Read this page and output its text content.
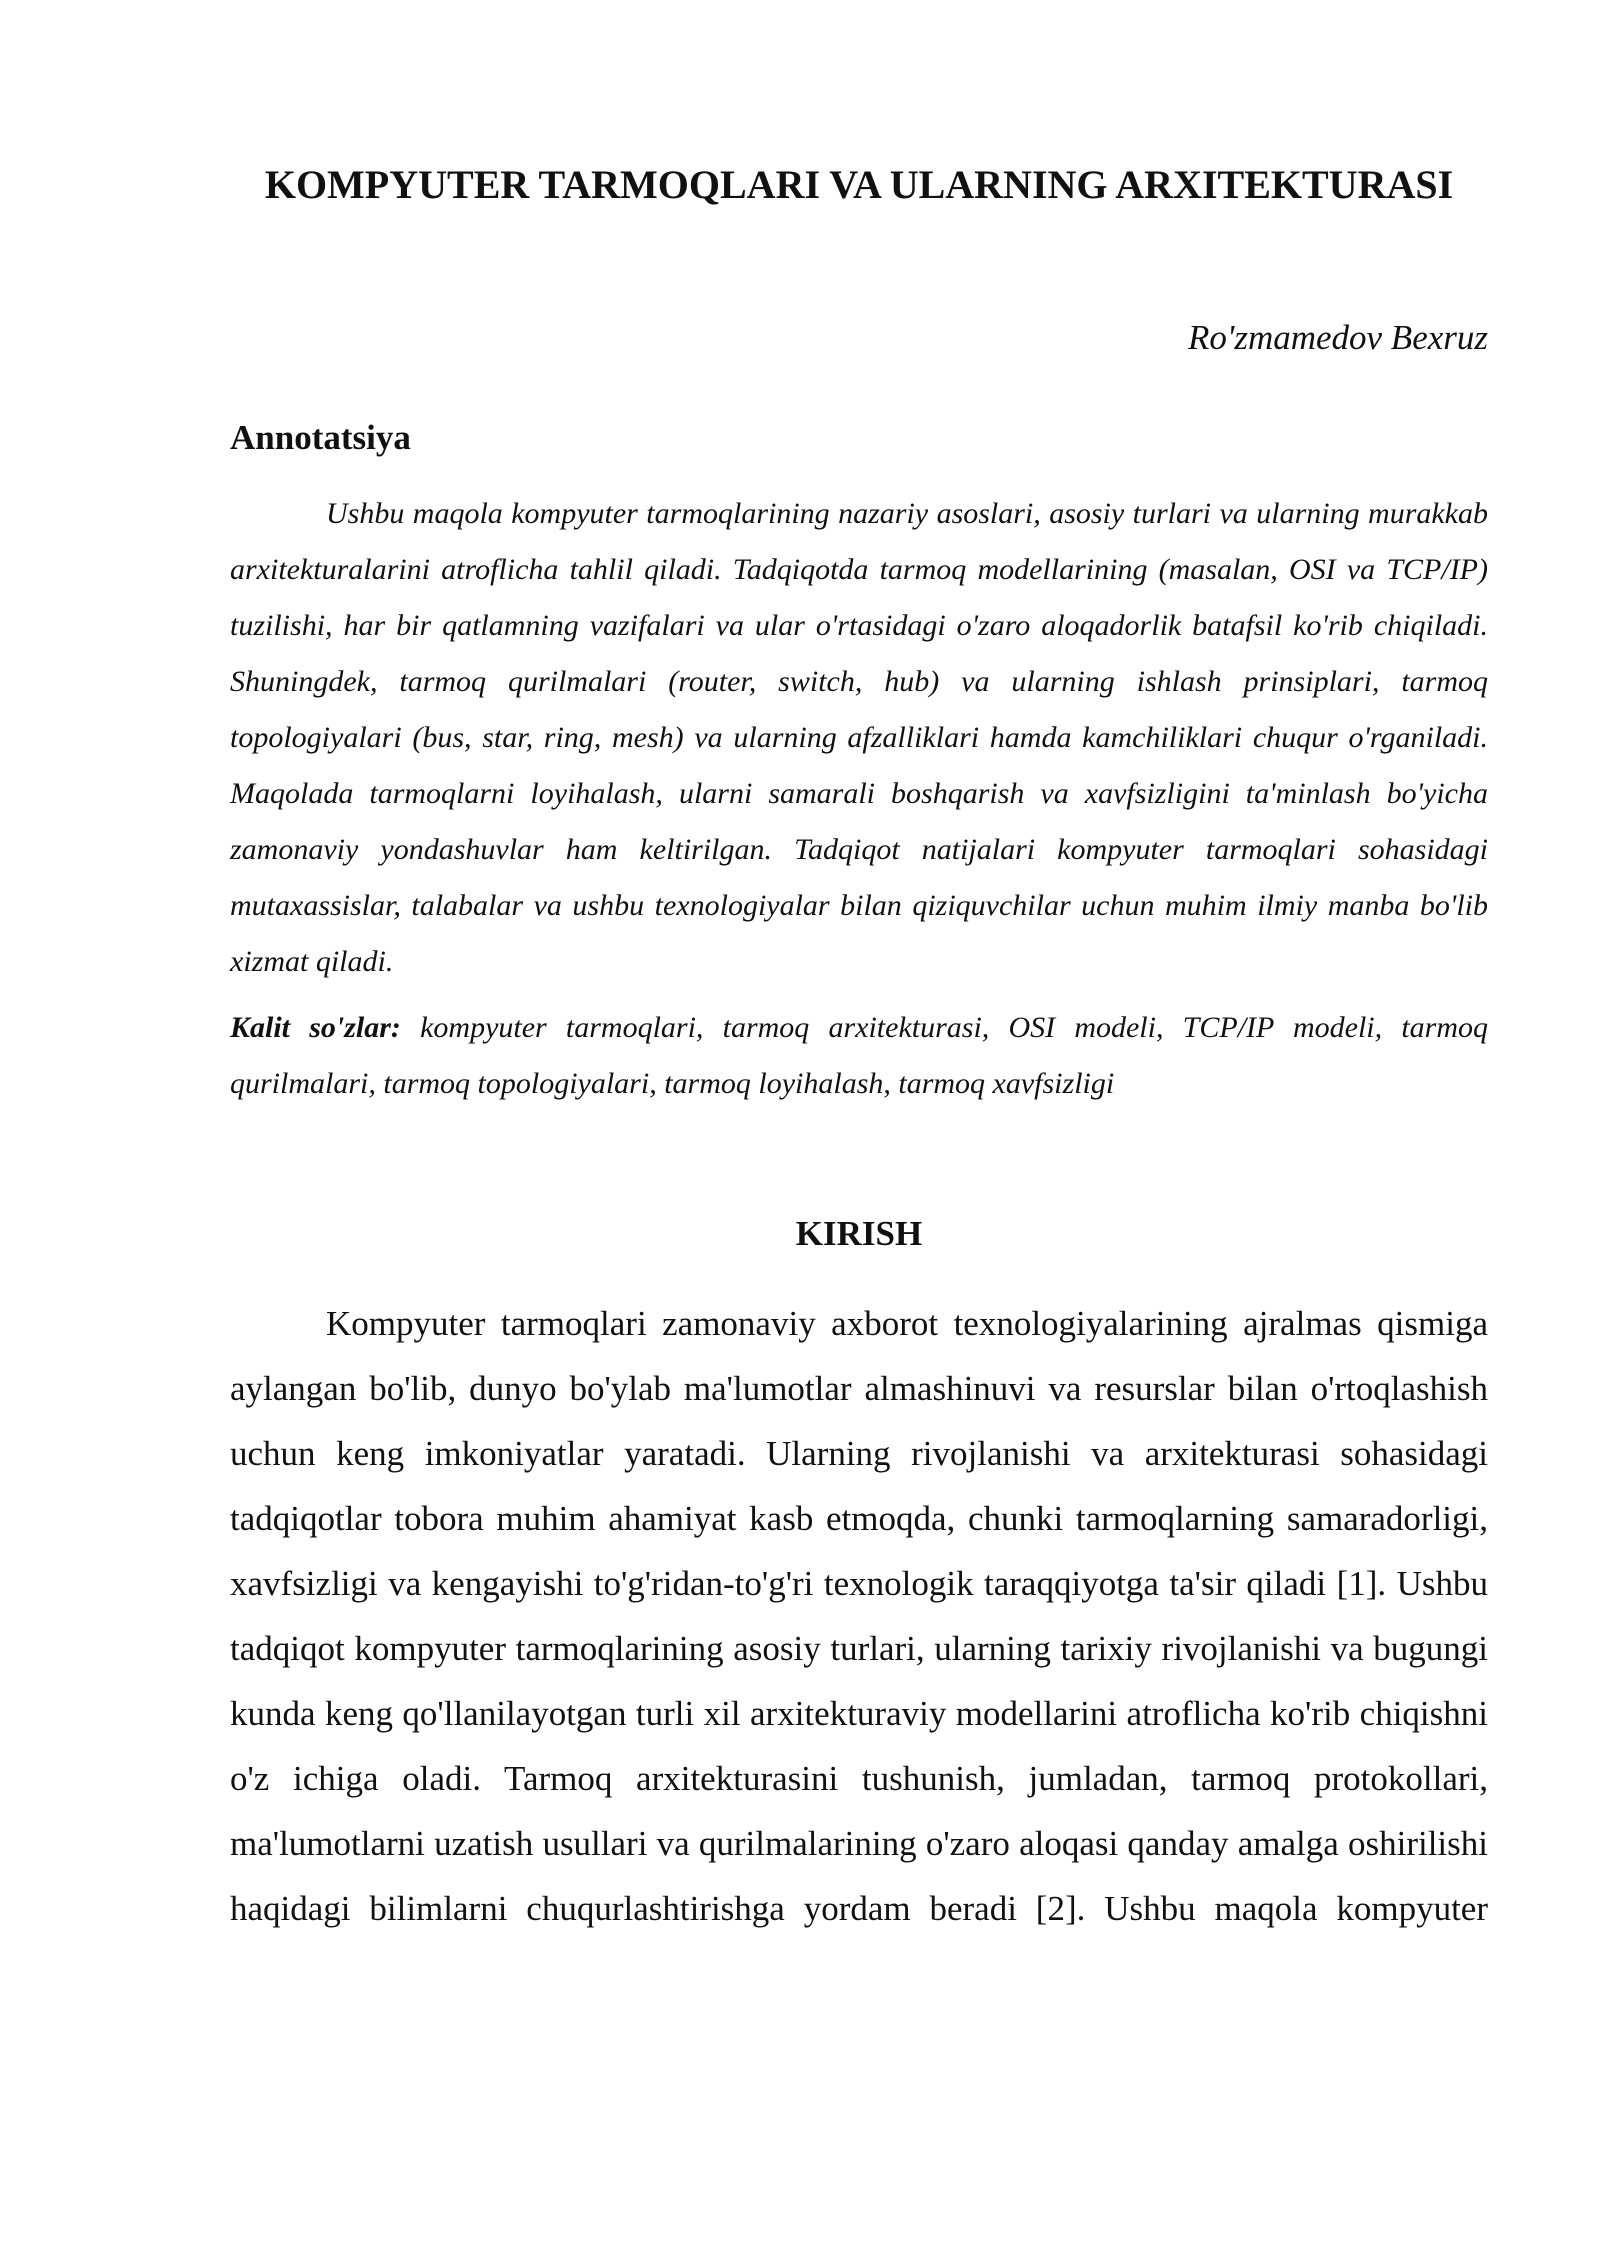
KOMPYUTER TARMOQLARI VA ULARNING ARXITEKTURASI

Ro'zmamedov Bexruz

Annotatsiya

Ushbu maqola kompyuter tarmoqlarining nazariy asoslari, asosiy turlari va ularning murakkab arxitekturalarini atroflicha tahlil qiladi. Tadqiqotda tarmoq modellarining (masalan, OSI va TCP/IP) tuzilishi, har bir qatlamning vazifalari va ular o'rtasidagi o'zaro aloqadorlik batafsil ko'rib chiqiladi. Shuningdek, tarmoq qurilmalari (router, switch, hub) va ularning ishlash prinsiplari, tarmoq topologiyalari (bus, star, ring, mesh) va ularning afzalliklari hamda kamchiliklari chuqur o'rganiladi. Maqolada tarmoqlarni loyihalash, ularni samarali boshqarish va xavfsizligini ta'minlash bo'yicha zamonaviy yondashuvlar ham keltirilgan. Tadqiqot natijalari kompyuter tarmoqlari sohasidagi mutaxassislar, talabalar va ushbu texnologiyalar bilan qiziquvchilar uchun muhim ilmiy manba bo'lib xizmat qiladi.

Kalit so'zlar: kompyuter tarmoqlari, tarmoq arxitekturasi, OSI modeli, TCP/IP modeli, tarmoq qurilmalari, tarmoq topologiyalari, tarmoq loyihalash, tarmoq xavfsizligi

KIRISH

Kompyuter tarmoqlari zamonaviy axborot texnologiyalarining ajralmas qismiga aylangan bo'lib, dunyo bo'ylab ma'lumotlar almashinuvi va resurslar bilan o'rtoqlashish uchun keng imkoniyatlar yaratadi. Ularning rivojlanishi va arxitekturasi sohasidagi tadqiqotlar tobora muhim ahamiyat kasb etmoqda, chunki tarmoqlarning samaradorligi, xavfsizligi va kengayishi to'g'ridan-to'g'ri texnologik taraqqiyotga ta'sir qiladi [1]. Ushbu tadqiqot kompyuter tarmoqlarining asosiy turlari, ularning tarixiy rivojlanishi va bugungi kunda keng qo'llanilayotgan turli xil arxitekturaviy modellarini atroflicha ko'rib chiqishni o'z ichiga oladi. Tarmoq arxitekturasini tushunish, jumladan, tarmoq protokollari, ma'lumotlarni uzatish usullari va qurilmalarining o'zaro aloqasi qanday amalga oshirilishi haqidagi bilimlarni chuqurlashtirishga yordam beradi [2]. Ushbu maqola kompyuter
